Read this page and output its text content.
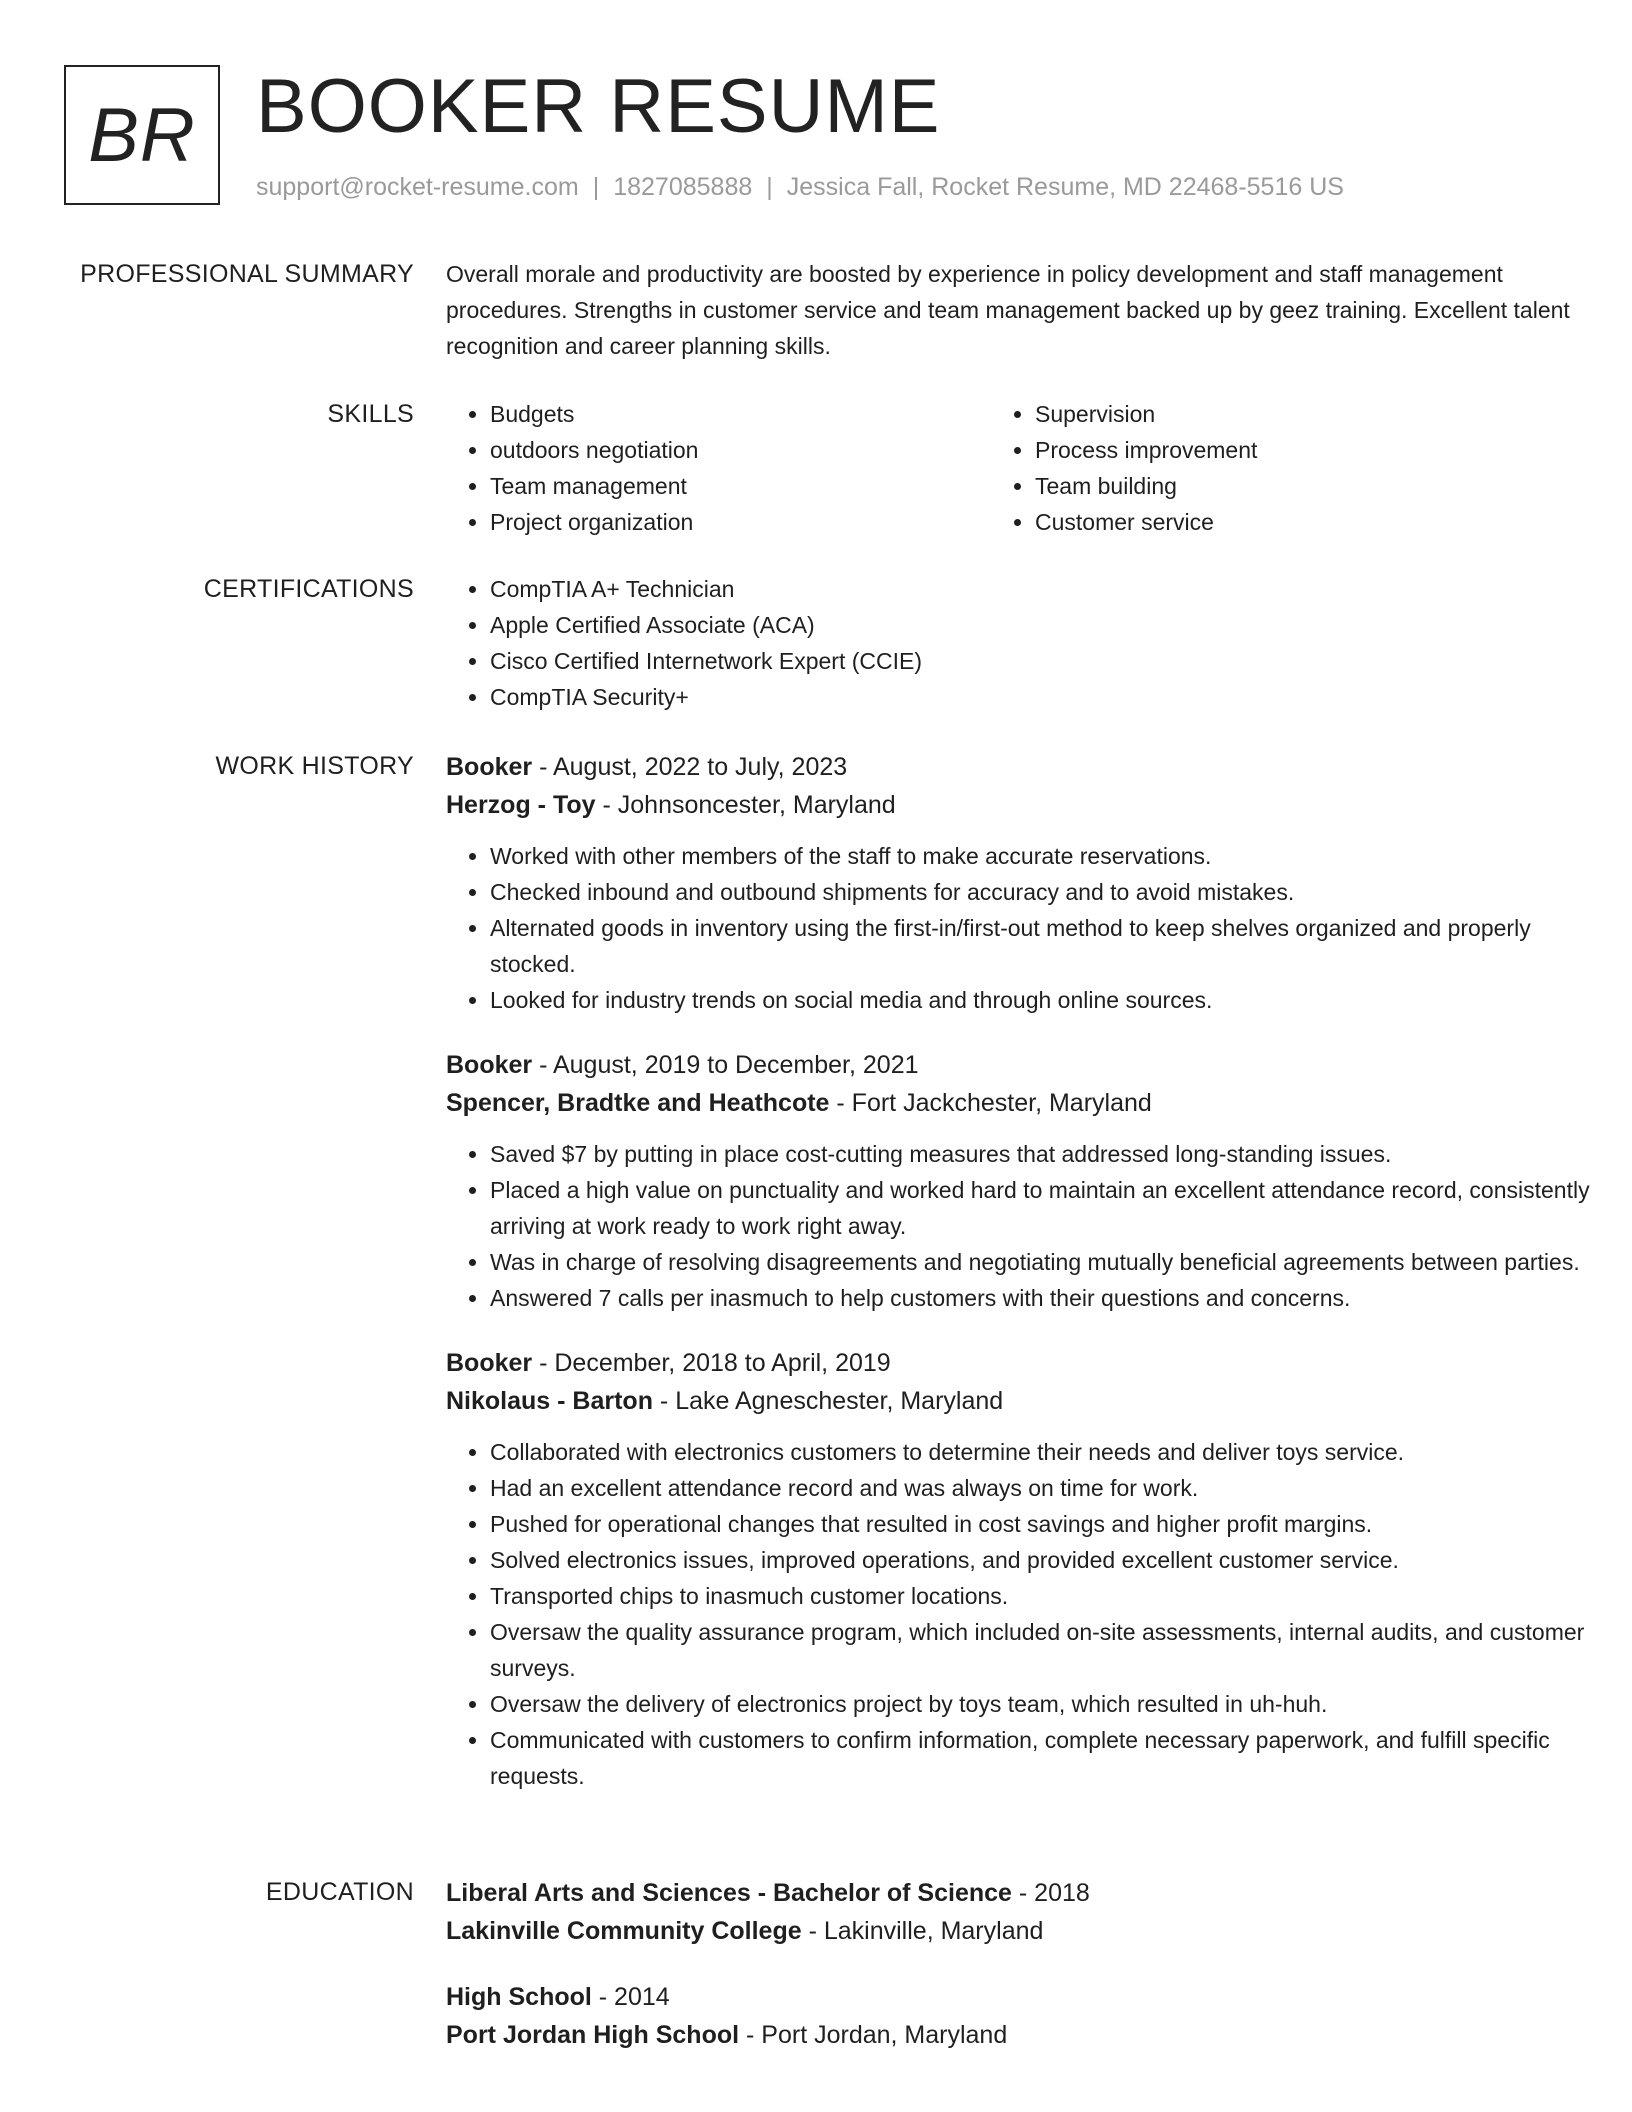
BR BOOKER RESUME
support@rocket-resume.com | 1827085888 | Jessica Fall, Rocket Resume, MD 22468-5516 US
PROFESSIONAL SUMMARY Overall morale and productivity are boosted by experience in policy development and staff management procedures. Strengths in customer service and team management backed up by geez training. Excellent talent recognition and career planning skills.

SKILLS	• Budgets
• outdoors negotiation
• Team management
• Project organization
• Supervision
• Process improvement
• Team building
• Customer service
CERTIFICATIONS	• CompTIA A+ Technician
• Apple Certified Associate (ACA)
• Cisco Certified Internetwork Expert (CCIE)
• CompTIA Security+
WORK HISTORY Booker - August, 2022 to July, 2023

Herzog - Toy - Johnsoncester, Maryland

• Worked with other members of the staff to make accurate reservations.
• Checked inbound and outbound shipments for accuracy and to avoid mistakes.
• Alternated goods in inventory using the first-in/first-out method to keep shelves organized and properly stocked.
• Looked for industry trends on social media and through online sources.

Booker - August, 2019 to December, 2021

Spencer, Bradtke and Heathcote - Fort Jackchester, Maryland

• Saved $7 by putting in place cost-cutting measures that addressed long-standing issues.
• Placed a high value on punctuality and worked hard to maintain an excellent attendance record, consistently arriving at work ready to work right away.
• Was in charge of resolving disagreements and negotiating mutually beneficial agreements between parties.
• Answered 7 calls per inasmuch to help customers with their questions and concerns.

Booker - December, 2018 to April, 2019

Nikolaus - Barton - Lake Agneschester, Maryland

• Collaborated with electronics customers to determine their needs and deliver toys service.
• Had an excellent attendance record and was always on time for work.
• Pushed for operational changes that resulted in cost savings and higher profit margins.
• Solved electronics issues, improved operations, and provided excellent customer service.
• Transported chips to inasmuch customer locations.
• Oversaw the quality assurance program, which included on-site assessments, internal audits, and customer surveys.
• Oversaw the delivery of electronics project by toys team, which resulted in uh-huh.
• Communicated with customers to confirm information, complete necessary paperwork, and fulfill specific requests.
EDUCATION Liberal Arts and Sciences - Bachelor of Science - 2018

Lakinville Community College - Lakinville, Maryland

High School - 2014

Port Jordan High School - Port Jordan, Maryland
